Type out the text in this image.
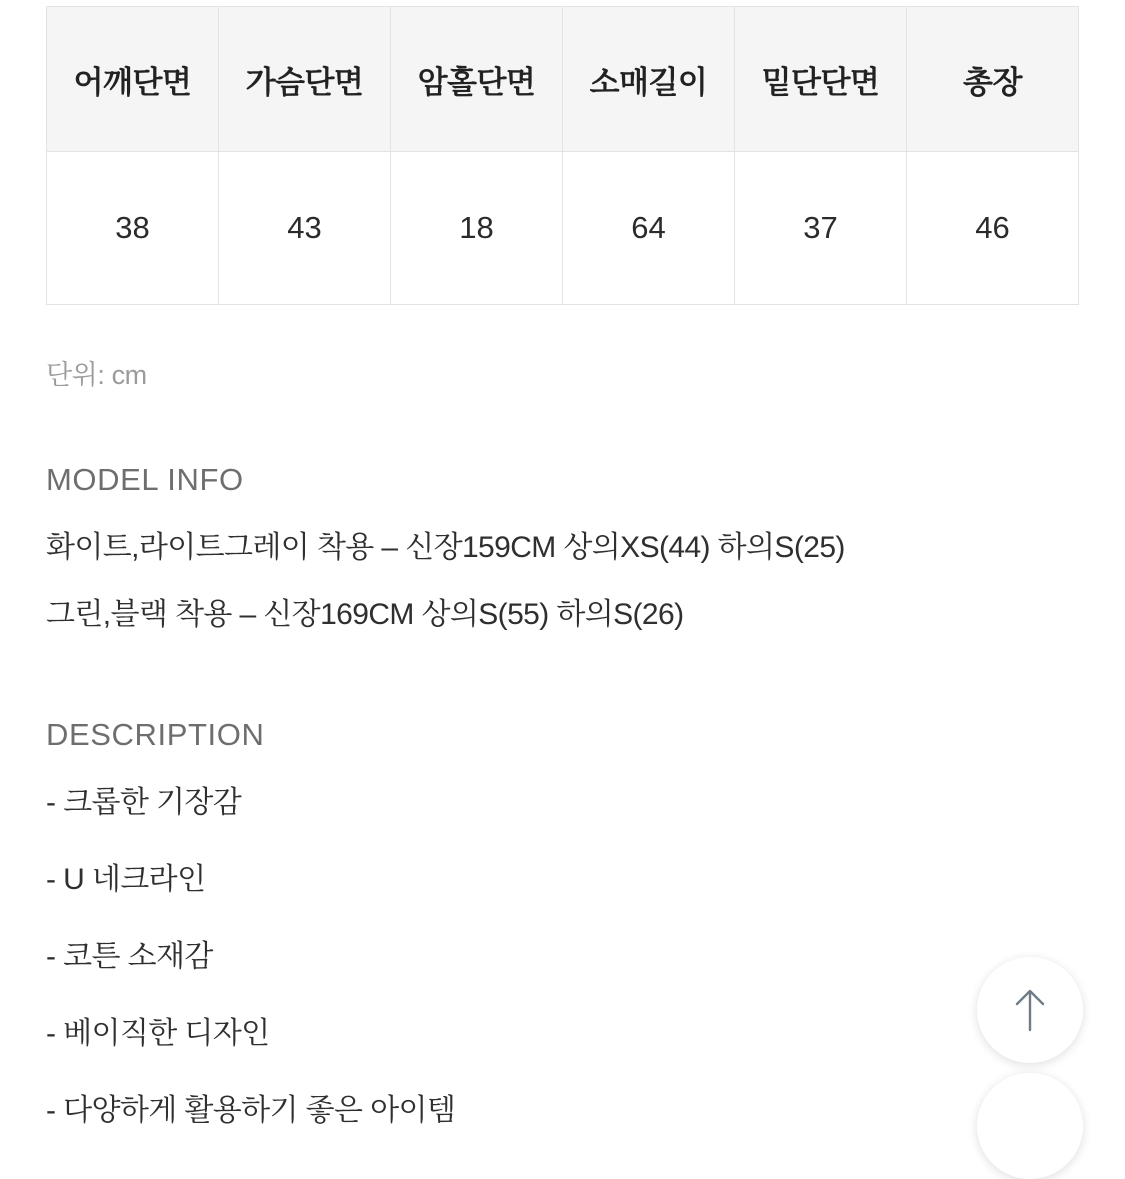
어깨단면	가슴단면	암홀단면	소매길이	밑단단면	총장
38	43	18	64	37	46
단위: cm
MODEL INFO
화이트,라이트그레이 착용 – 신장159CM 상의XS(44) 하의S(25)
그린,블랙 착용 – 신장169CM 상의S(55) 하의S(26)
DESCRIPTION
- 크롭한 기장감
- U 네크라인
- 코튼 소재감
- 베이직한 디자인
- 다양하게 활용하기 좋은 아이템
